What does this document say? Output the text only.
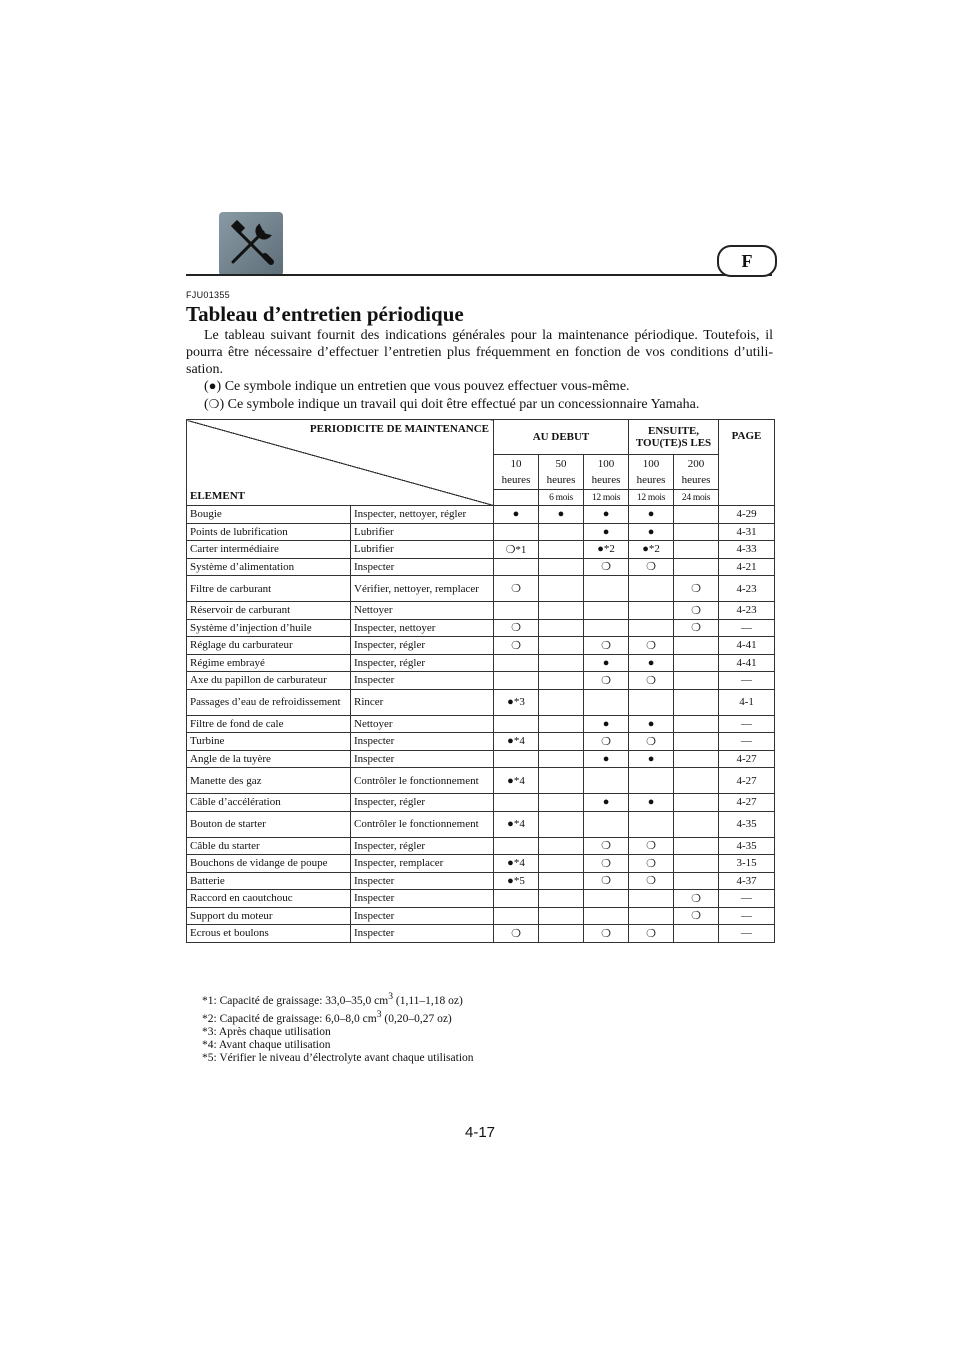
F
FJU01355
Tableau d’entretien périodique

Le tableau suivant fournit des indications générales pour la maintenance périodique. Toutefois, il pourra être nécessaire d’effectuer l’entretien plus fréquemment en fonction de vos conditions d’utili-sation.

(●) Ce symbole indique un entretien que vous pouvez effectuer vous-même.

(❍) Ce symbole indique un travail qui doit être effectué par un concessionnaire Yamaha.

PERIODICITE DE MAINTENANCE
ELEMENT		AU DEBUT			ENSUITE, TOU(TE)S LES		PAGE
		10 heures	50 heures	100 heures	100 heures	200 heures	
			6 mois	12 mois	12 mois	24 mois	
Bougie	Inspecter, nettoyer, régler	●	●	●	●		4-29
Points de lubrification	Lubrifier			●	●		4-31
Carter intermédiaire	Lubrifier	❍*1		●*2	●*2		4-33
Système d’alimentation	Inspecter			❍	❍		4-21
Filtre de carburant	Vérifier, nettoyer, remplacer	❍				❍	4-23
Réservoir de carburant	Nettoyer					❍	4-23
Système d’injection d’huile	Inspecter, nettoyer	❍				❍	—
Réglage du carburateur	Inspecter, régler	❍		❍	❍		4-41
Régime embrayé	Inspecter, régler			●	●		4-41
Axe du papillon de carburateur	Inspecter			❍	❍		—
Passages d’eau de refroidissement	Rincer	●*3					4-1
Filtre de fond de cale	Nettoyer			●	●		—
Turbine	Inspecter	●*4		❍	❍		—
Angle de la tuyère	Inspecter			●	●		4-27
Manette des gaz	Contrôler le fonctionnement	●*4					4-27
Câble d’accélération	Inspecter, régler			●	●		4-27
Bouton de starter	Contrôler le fonctionnement	●*4					4-35
Câble du starter	Inspecter, régler			❍	❍		4-35
Bouchons de vidange de poupe	Inspecter, remplacer	●*4		❍	❍		3-15
Batterie	Inspecter	●*5		❍	❍		4-37
Raccord en caoutchouc	Inspecter					❍	—
Support du moteur	Inspecter					❍	—
Ecrous et boulons	Inspecter	❍		❍	❍		—
*1: Capacité de graissage: 33,0–35,0 $cm^3$ (1,11–1,18 oz)
*2: Capacité de graissage: 6,0–8,0 $cm^3$ (0,20–0,27 oz)
*3: Après chaque utilisation
*4: Avant chaque utilisation
*5: Vérifier le niveau d’électrolyte avant chaque utilisation
4-17
